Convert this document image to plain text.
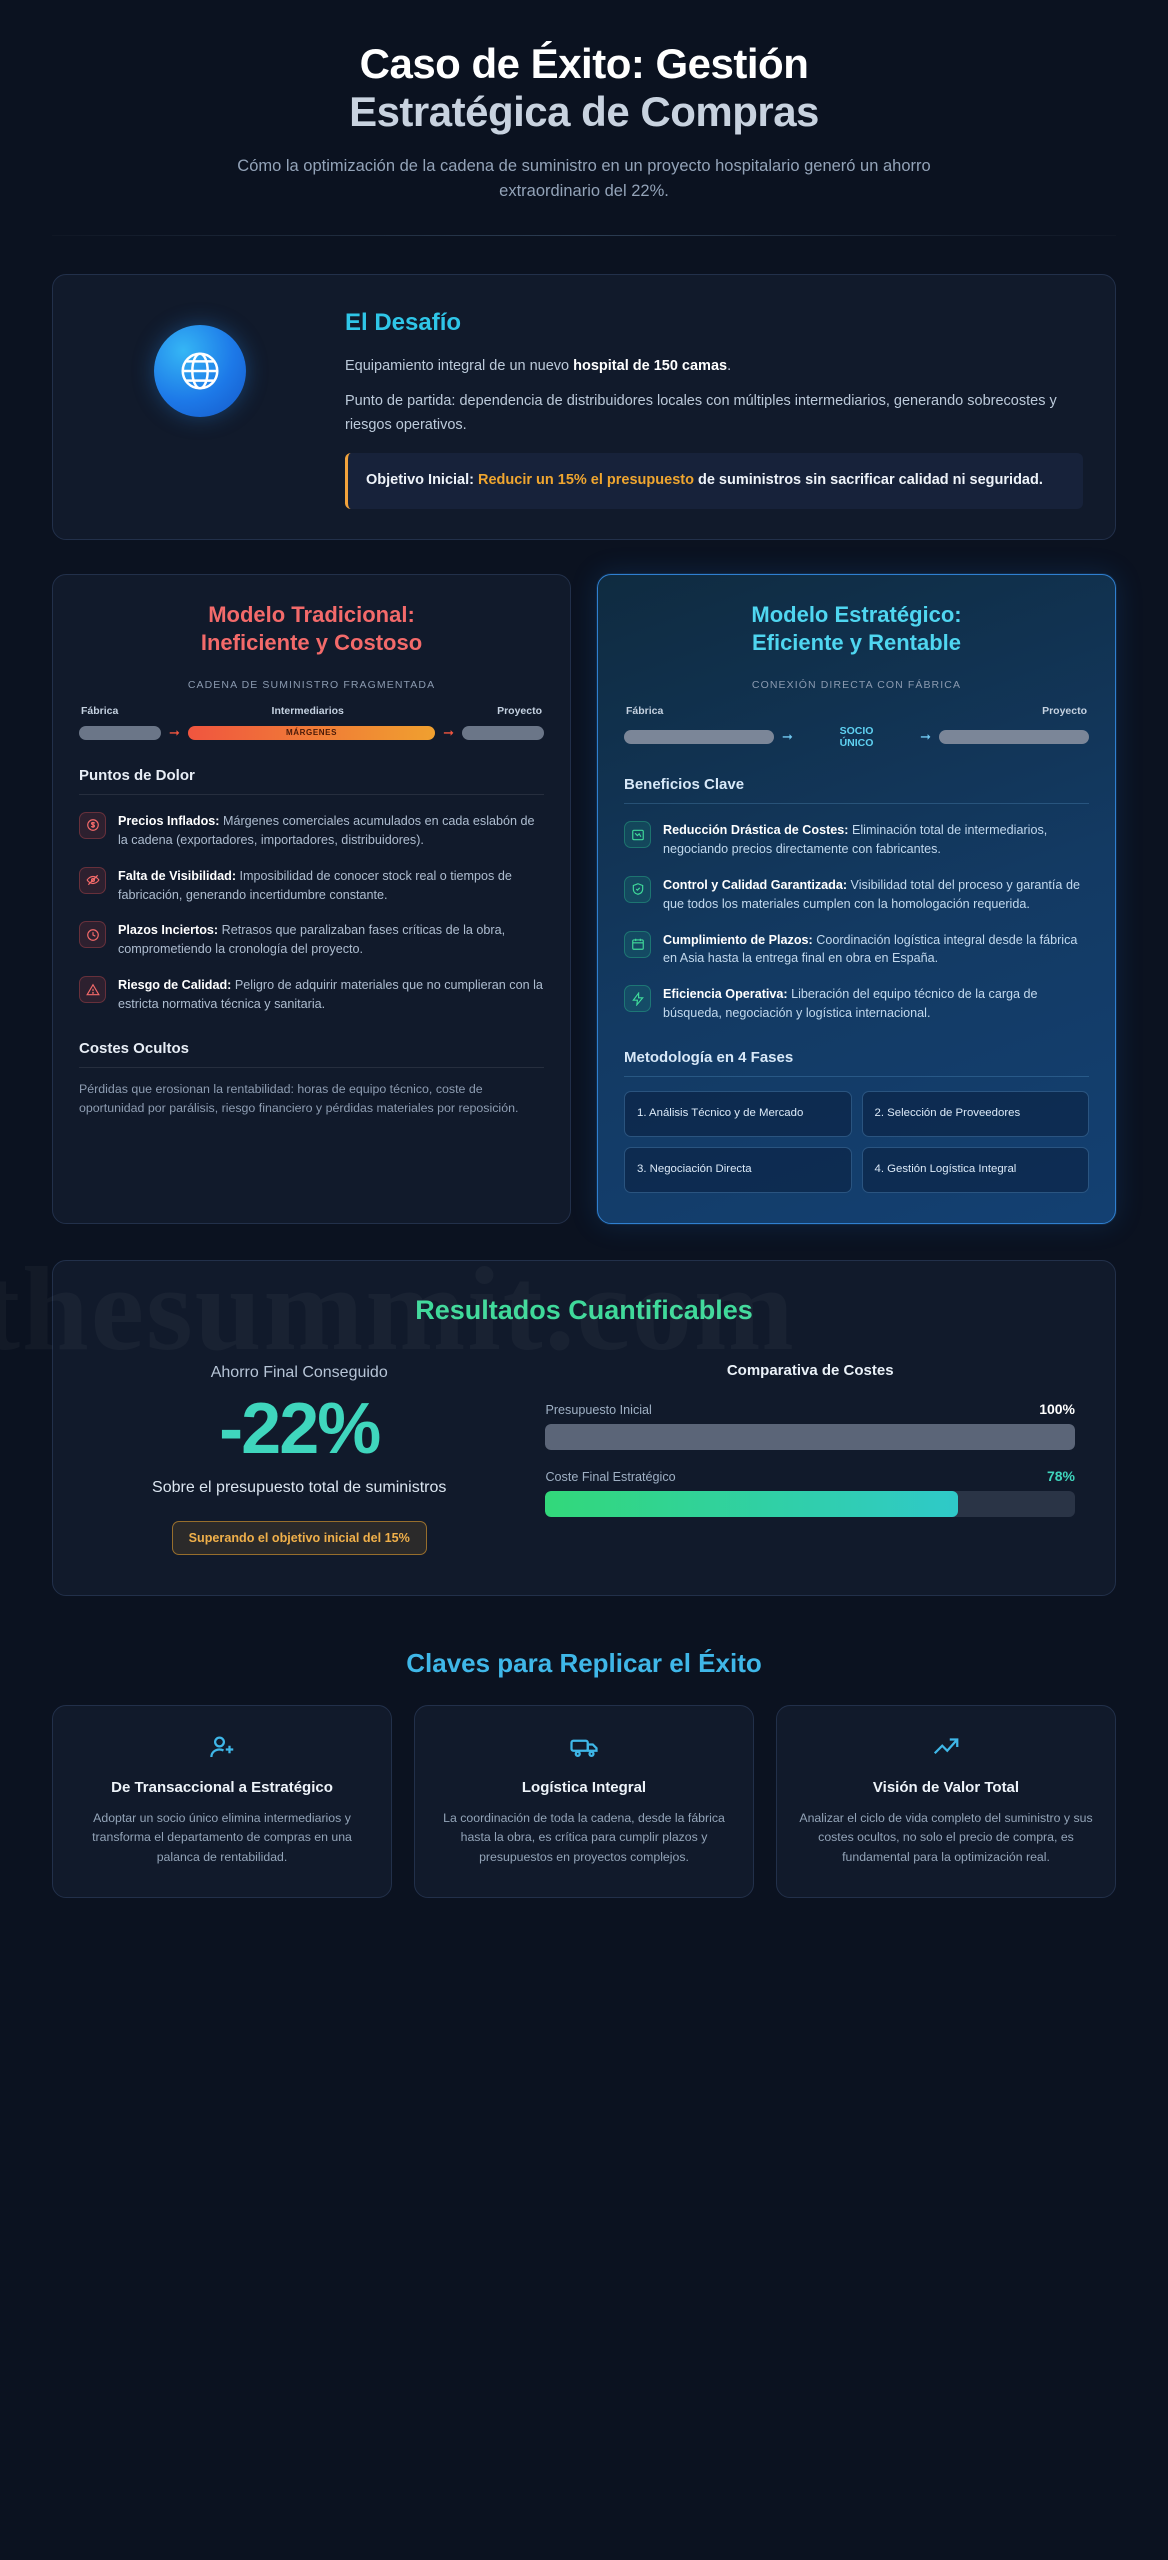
Caso de Éxito: Gestión
Estratégica de Compras

Cómo la optimización de la cadena de suministro en un proyecto hospitalario generó un ahorro extraordinario del 22%.

El Desafío

Equipamiento integral de un nuevo hospital de 150 camas.

Punto de partida: dependencia de distribuidores locales con múltiples intermediarios, generando sobrecostes y riesgos operativos.

Objetivo Inicial: Reducir un 15% el presupuesto de suministros sin sacrificar calidad ni seguridad.
Modelo Tradicional:
Ineficiente y Costoso
CADENA DE SUMINISTRO FRAGMENTADA
Fábrica	Intermediarios	Proyecto
➞	MÁRGENES	➞
Puntos de Dolor
Precios Inflados: Márgenes comerciales acumulados en cada eslabón de la cadena (exportadores, importadores, distribuidores).
Falta de Visibilidad: Imposibilidad de conocer stock real o tiempos de fabricación, generando incertidumbre constante.
Plazos Inciertos: Retrasos que paralizaban fases críticas de la obra, comprometiendo la cronología del proyecto.
Riesgo de Calidad: Peligro de adquirir materiales que no cumplieran con la estricta normativa técnica y sanitaria.
Costes Ocultos

Pérdidas que erosionan la rentabilidad: horas de equipo técnico, coste de oportunidad por parálisis, riesgo financiero y pérdidas materiales por reposición.

Modelo Estratégico:
Eficiente y Rentable
CONEXIÓN DIRECTA CON FÁBRICA
Fábrica	Proyecto
➞	SOCIO
ÚNICO	➞
Beneficios Clave
Reducción Drástica de Costes: Eliminación total de intermediarios, negociando precios directamente con fabricantes.
Control y Calidad Garantizada: Visibilidad total del proceso y garantía de que todos los materiales cumplen con la homologación requerida.
Cumplimiento de Plazos: Coordinación logística integral desde la fábrica en Asia hasta la entrega final en obra en España.
Eficiencia Operativa: Liberación del equipo técnico de la carga de búsqueda, negociación y logística internacional.
Metodología en 4 Fases
1. Análisis Técnico y de Mercado	2. Selección de Proveedores
3. Negociación Directa	4. Gestión Logística Integral
Resultados Cuantificables
Ahorro Final Conseguido
-22%
Sobre el presupuesto total de suministros
Superando el objetivo inicial del 15%
Comparativa de Costes
Presupuesto Inicial	100%
Coste Final Estratégico	78%
Claves para Replicar el Éxito
De Transaccional a Estratégico

Adoptar un socio único elimina intermediarios y transforma el departamento de compras en una palanca de rentabilidad.

Logística Integral

La coordinación de toda la cadena, desde la fábrica hasta la obra, es crítica para cumplir plazos y presupuestos en proyectos complejos.

Visión de Valor Total

Analizar el ciclo de vida completo del suministro y sus costes ocultos, no solo el precio de compra, es fundamental para la optimización real.
